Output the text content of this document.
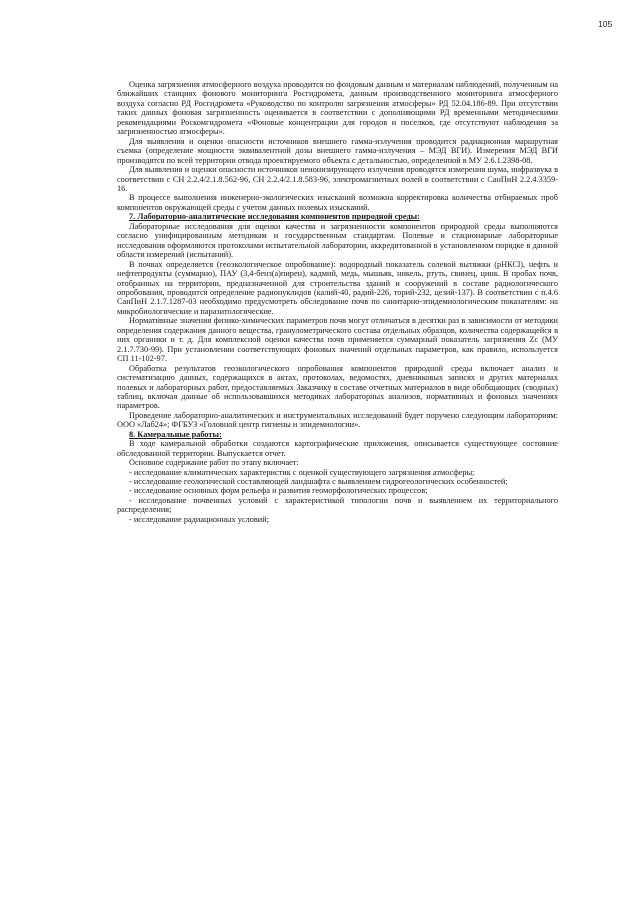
105

Оценка загрязнения атмосферного воздуха проводится по фондовым данным и материалам наблюдений, полученным на ближайших станциях фонового мониторинга Росгидромета, данным производственного мониторинга атмосферного воздуха согласно РД Росгидромета «Руководство по контролю загрязнения атмосферы» РД 52.04.186-89. При отсутствии таких данных фоновая загрязненность оценивается в соответствии с дополняющими РД временными методическими рекомендациями Роскомгидромета «Фоновые концентрации для городов и поселков, где отсутствуют наблюдения за загрязненностью атмосферы».

Для выявления и оценки опасности источников внешнего гамма-излучения проводится радиационная маршрутная съемка (определение мощности эквивалентной дозы внешнего гамма-излучения – МЭД ВГИ). Измерения МЭД ВГИ производятся по всей территории отвода проектируемого объекта с детальностью, определенной в МУ 2.6.1.2398-08.

Для выявления и оценки опасности источников неионизирующего излучения проводятся измерения шума, инфразвука в соответствии с СН 2.2.4/2.1.8.562-96, СН 2.2.4/2.1.8.583-96, электромагнитных полей в соответствии с СанПиН 2.2.4.3359-16.

В процессе выполнения инженерно-экологических изысканий возможна корректировка количества отбираемых проб компонентов окружающей среды с учетом данных полевых изысканий.

7. Лабораторно-аналитические исследования компонентов природной среды:

Лабораторные исследования для оценки качества и загрязненности компонентов природной среды выполняются согласно унифицированным методикам и государственным стандартам. Полевые и стационарные лабораторные исследования оформляются протоколами испытательной лаборатории, аккредитованной в установленном порядке в данной области измерений (испытаний).

В почвах определяется (геоэкологическое опробование): водородный показатель солевой вытяжки (рНКСl), нефть и нефтепродукты (суммарно), ПАУ (3,4-бенз(а)пирен), кадмий, медь, мышьяк, никель, ртуть, свинец, цинк. В пробах почв, отобранных на территории, предназначенной для строительства зданий и сооружений в составе радиологического опробования, проводится определение радионуклидов (калий-40, радий-226, торий-232, цезий-137). В соответствии с п.4.6 СанПиН 2.1.7.1287-03 необходимо предусмотреть обследование почв по санитарно-эпидемиологическим показателям: на микробиологические и паразитологические.

Нормативные значения физико-химических параметров почв могут отличаться в десятки раз в зависимости от методики определения содержания данного вещества, гранулометрического состава отдельных образцов, количества содержащейся в них органики и т. д. Для комплексной оценки качества почв применяется суммарный показатель загрязнения Zc (МУ 2.1.7.730-99). При установлении соответствующих фоновых значений отдельных параметров, как правило, используется СП 11-102-97.

Обработка результатов геоэкологического опробования компонентов природной среды включает анализ и систематизацию данных, содержащихся в актах, протоколах, ведомостях, дневниковых записях и других материалах полевых и лабораторных работ, предоставляемых Заказчику в составе отчетных материалов в виде обобщающих (сводных) таблиц, включая данные об использовавшихся методиках лабораторных анализов, нормативных и фоновых значениях параметров.

Проведение лабораторно-аналитических и инструментальных исследований будет поручено следующим лабораториям: ООО «Лаб24»; ФГБУЗ «Головной центр гигиены и эпидемиологии».

8. Камеральные работы:

В ходе камеральной обработки создаются картографические приложения, описывается существующее состояние обследованной территории. Выпускается отчет.

Основное содержание работ по этапу включает:

- исследование климатических характеристик с оценкой существующего загрязнения атмосферы;

- исследование геологической составляющей ландшафта с выявлением гидрогеологических особенностей;

- исследование основных форм рельефа и развития геоморфологических процессов;

- исследование почвенных условий с характеристикой типологии почв и выявлением их территориального распределения;

- исследование радиационных условий;
